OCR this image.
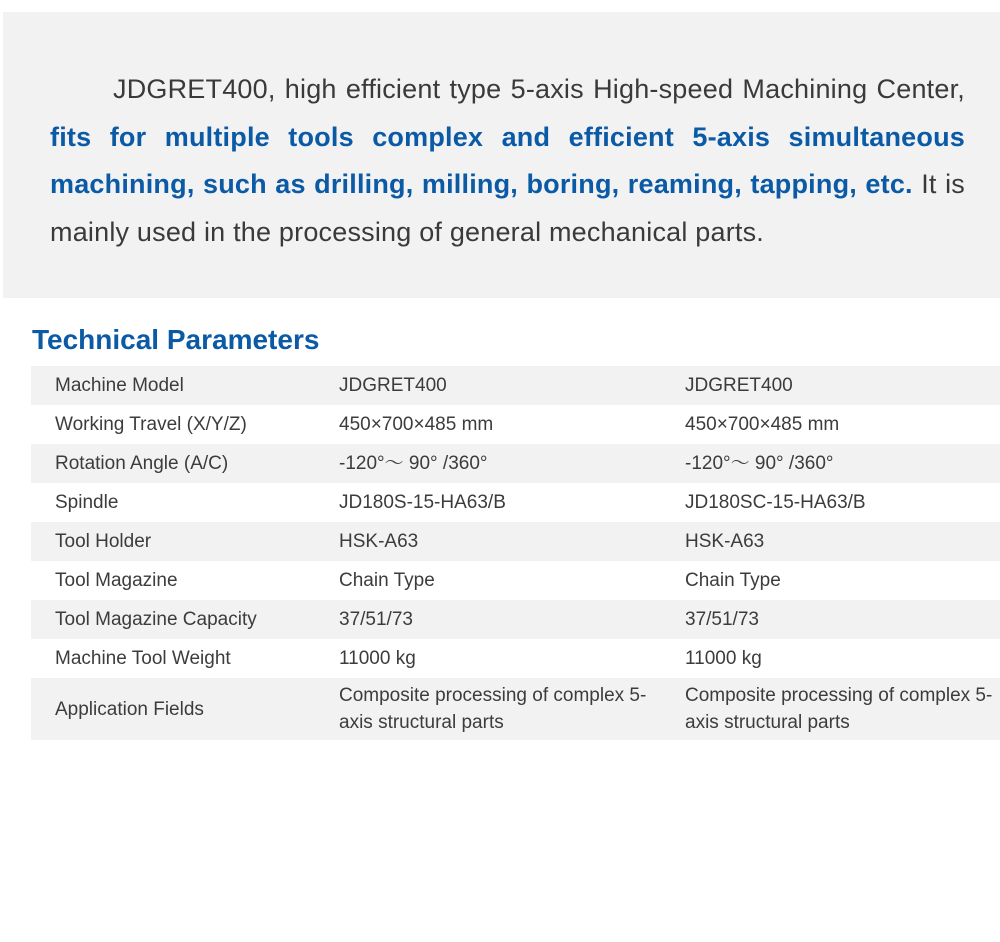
JDGRET400, high efficient type 5-axis High-speed Machining Center, fits for multiple tools complex and efficient 5-axis simultaneous machining, such as drilling, milling, boring, reaming, tapping, etc. It is mainly used in the processing of general mechanical parts.

Technical Parameters
Machine Model	JDGRET400	JDGRET400
Working Travel (X/Y/Z)	450×700×485 mm	450×700×485 mm
Rotation Angle (A/C)	-120°～ 90° /360°	-120°～ 90° /360°
Spindle	JD180S-15-HA63/B	JD180SC-15-HA63/B
Tool Holder	HSK-A63	HSK-A63
Tool Magazine	Chain Type	Chain Type
Tool Magazine Capacity	37/51/73	37/51/73
Machine Tool Weight	11000 kg	11000 kg
Application Fields	Composite processing of complex 5-axis structural parts	Composite processing of complex 5-axis structural parts
